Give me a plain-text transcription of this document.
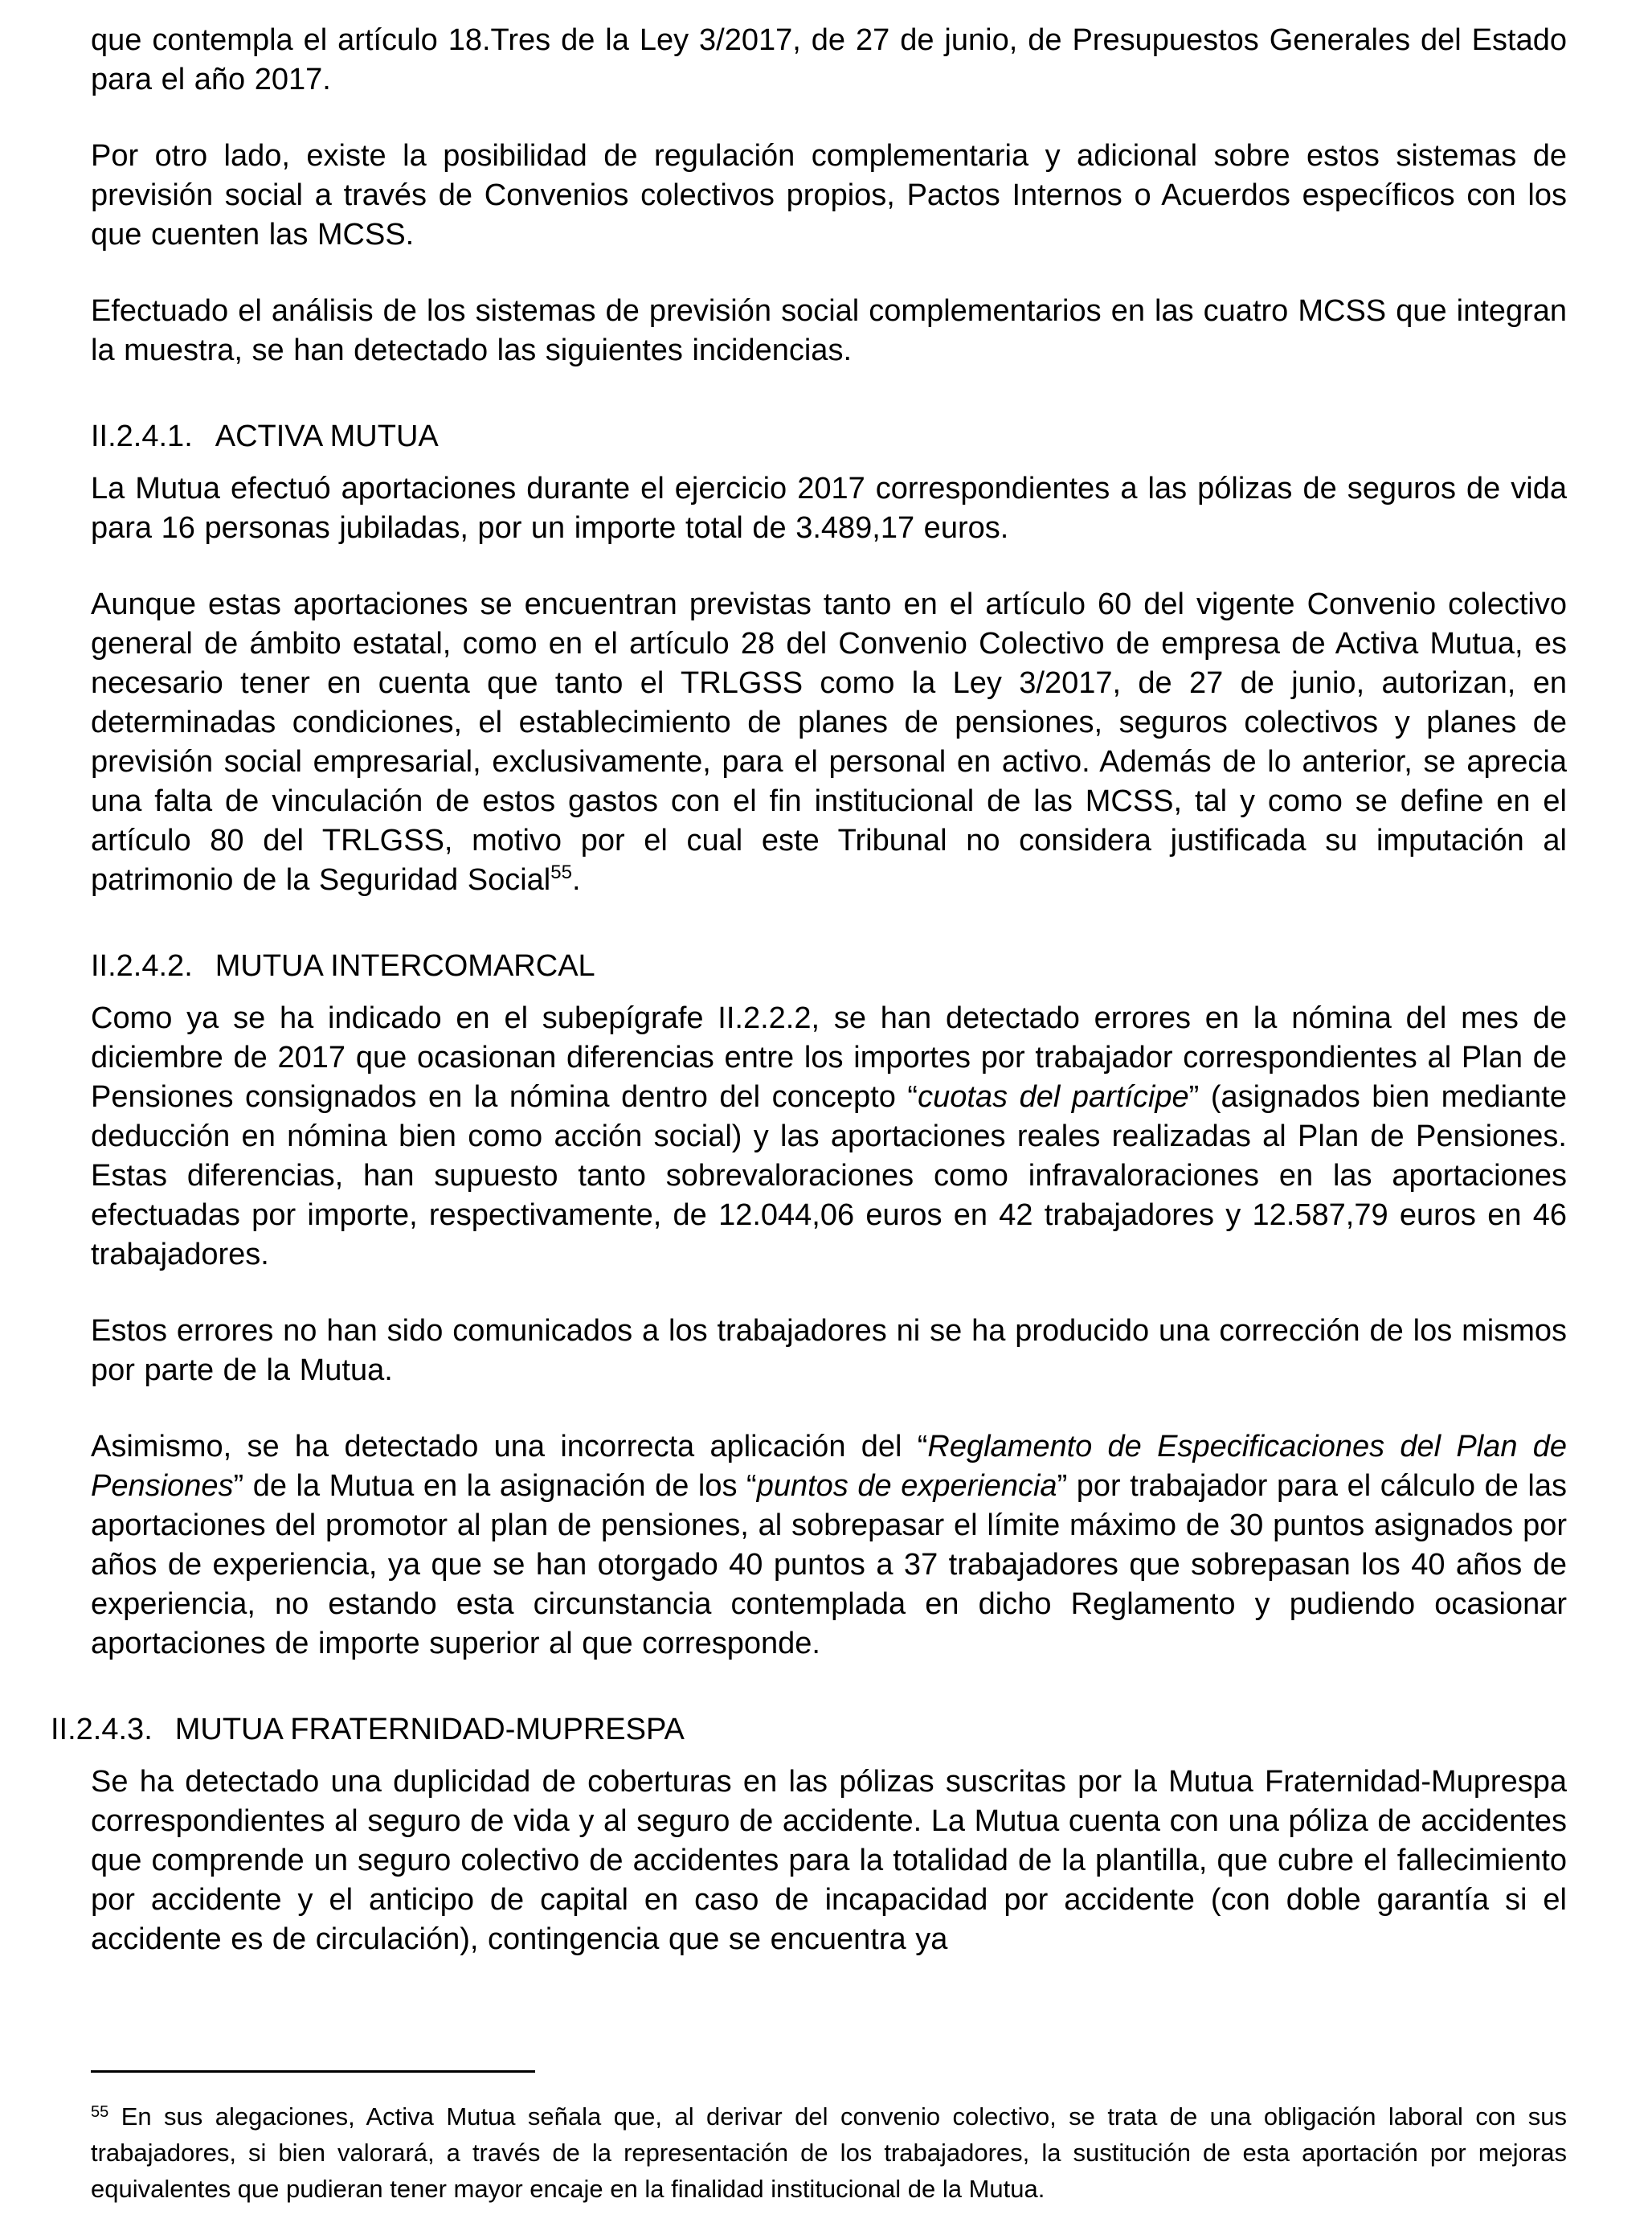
que contempla el artículo 18.Tres de la Ley 3/2017, de 27 de junio, de Presupuestos Generales del Estado para el año 2017.

Por otro lado, existe la posibilidad de regulación complementaria y adicional sobre estos sistemas de previsión social a través de Convenios colectivos propios, Pactos Internos o Acuerdos específicos con los que cuenten las MCSS.

Efectuado el análisis de los sistemas de previsión social complementarios en las cuatro MCSS que integran la muestra, se han detectado las siguientes incidencias.

II.2.4.1. ACTIVA MUTUA

La Mutua efectuó aportaciones durante el ejercicio 2017 correspondientes a las pólizas de seguros de vida para 16 personas jubiladas, por un importe total de 3.489,17 euros.

Aunque estas aportaciones se encuentran previstas tanto en el artículo 60 del vigente Convenio colectivo general de ámbito estatal, como en el artículo 28 del Convenio Colectivo de empresa de Activa Mutua, es necesario tener en cuenta que tanto el TRLGSS como la Ley 3/2017, de 27 de junio, autorizan, en determinadas condiciones, el establecimiento de planes de pensiones, seguros colectivos y planes de previsión social empresarial, exclusivamente, para el personal en activo. Además de lo anterior, se aprecia una falta de vinculación de estos gastos con el fin institucional de las MCSS, tal y como se define en el artículo 80 del TRLGSS, motivo por el cual este Tribunal no considera justificada su imputación al patrimonio de la Seguridad Social$^{55}$.

II.2.4.2. MUTUA INTERCOMARCAL

Como ya se ha indicado en el subepígrafe II.2.2.2, se han detectado errores en la nómina del mes de diciembre de 2017 que ocasionan diferencias entre los importes por trabajador correspondientes al Plan de Pensiones consignados en la nómina dentro del concepto “cuotas del partícipe” (asignados bien mediante deducción en nómina bien como acción social) y las aportaciones reales realizadas al Plan de Pensiones. Estas diferencias, han supuesto tanto sobrevaloraciones como infravaloraciones en las aportaciones efectuadas por importe, respectivamente, de 12.044,06 euros en 42 trabajadores y 12.587,79 euros en 46 trabajadores.

Estos errores no han sido comunicados a los trabajadores ni se ha producido una corrección de los mismos por parte de la Mutua.

Asimismo, se ha detectado una incorrecta aplicación del “Reglamento de Especificaciones del Plan de Pensiones” de la Mutua en la asignación de los “puntos de experiencia” por trabajador para el cálculo de las aportaciones del promotor al plan de pensiones, al sobrepasar el límite máximo de 30 puntos asignados por años de experiencia, ya que se han otorgado 40 puntos a 37 trabajadores que sobrepasan los 40 años de experiencia, no estando esta circunstancia contemplada en dicho Reglamento y pudiendo ocasionar aportaciones de importe superior al que corresponde.

II.2.4.3. MUTUA FRATERNIDAD-MUPRESPA

Se ha detectado una duplicidad de coberturas en las pólizas suscritas por la Mutua Fraternidad-Muprespa correspondientes al seguro de vida y al seguro de accidente. La Mutua cuenta con una póliza de accidentes que comprende un seguro colectivo de accidentes para la totalidad de la plantilla, que cubre el fallecimiento por accidente y el anticipo de capital en caso de incapacidad por accidente (con doble garantía si el accidente es de circulación), contingencia que se encuentra ya

$^{55}$ En sus alegaciones, Activa Mutua señala que, al derivar del convenio colectivo, se trata de una obligación laboral con sus trabajadores, si bien valorará, a través de la representación de los trabajadores, la sustitución de esta aportación por mejoras equivalentes que pudieran tener mayor encaje en la finalidad institucional de la Mutua.
